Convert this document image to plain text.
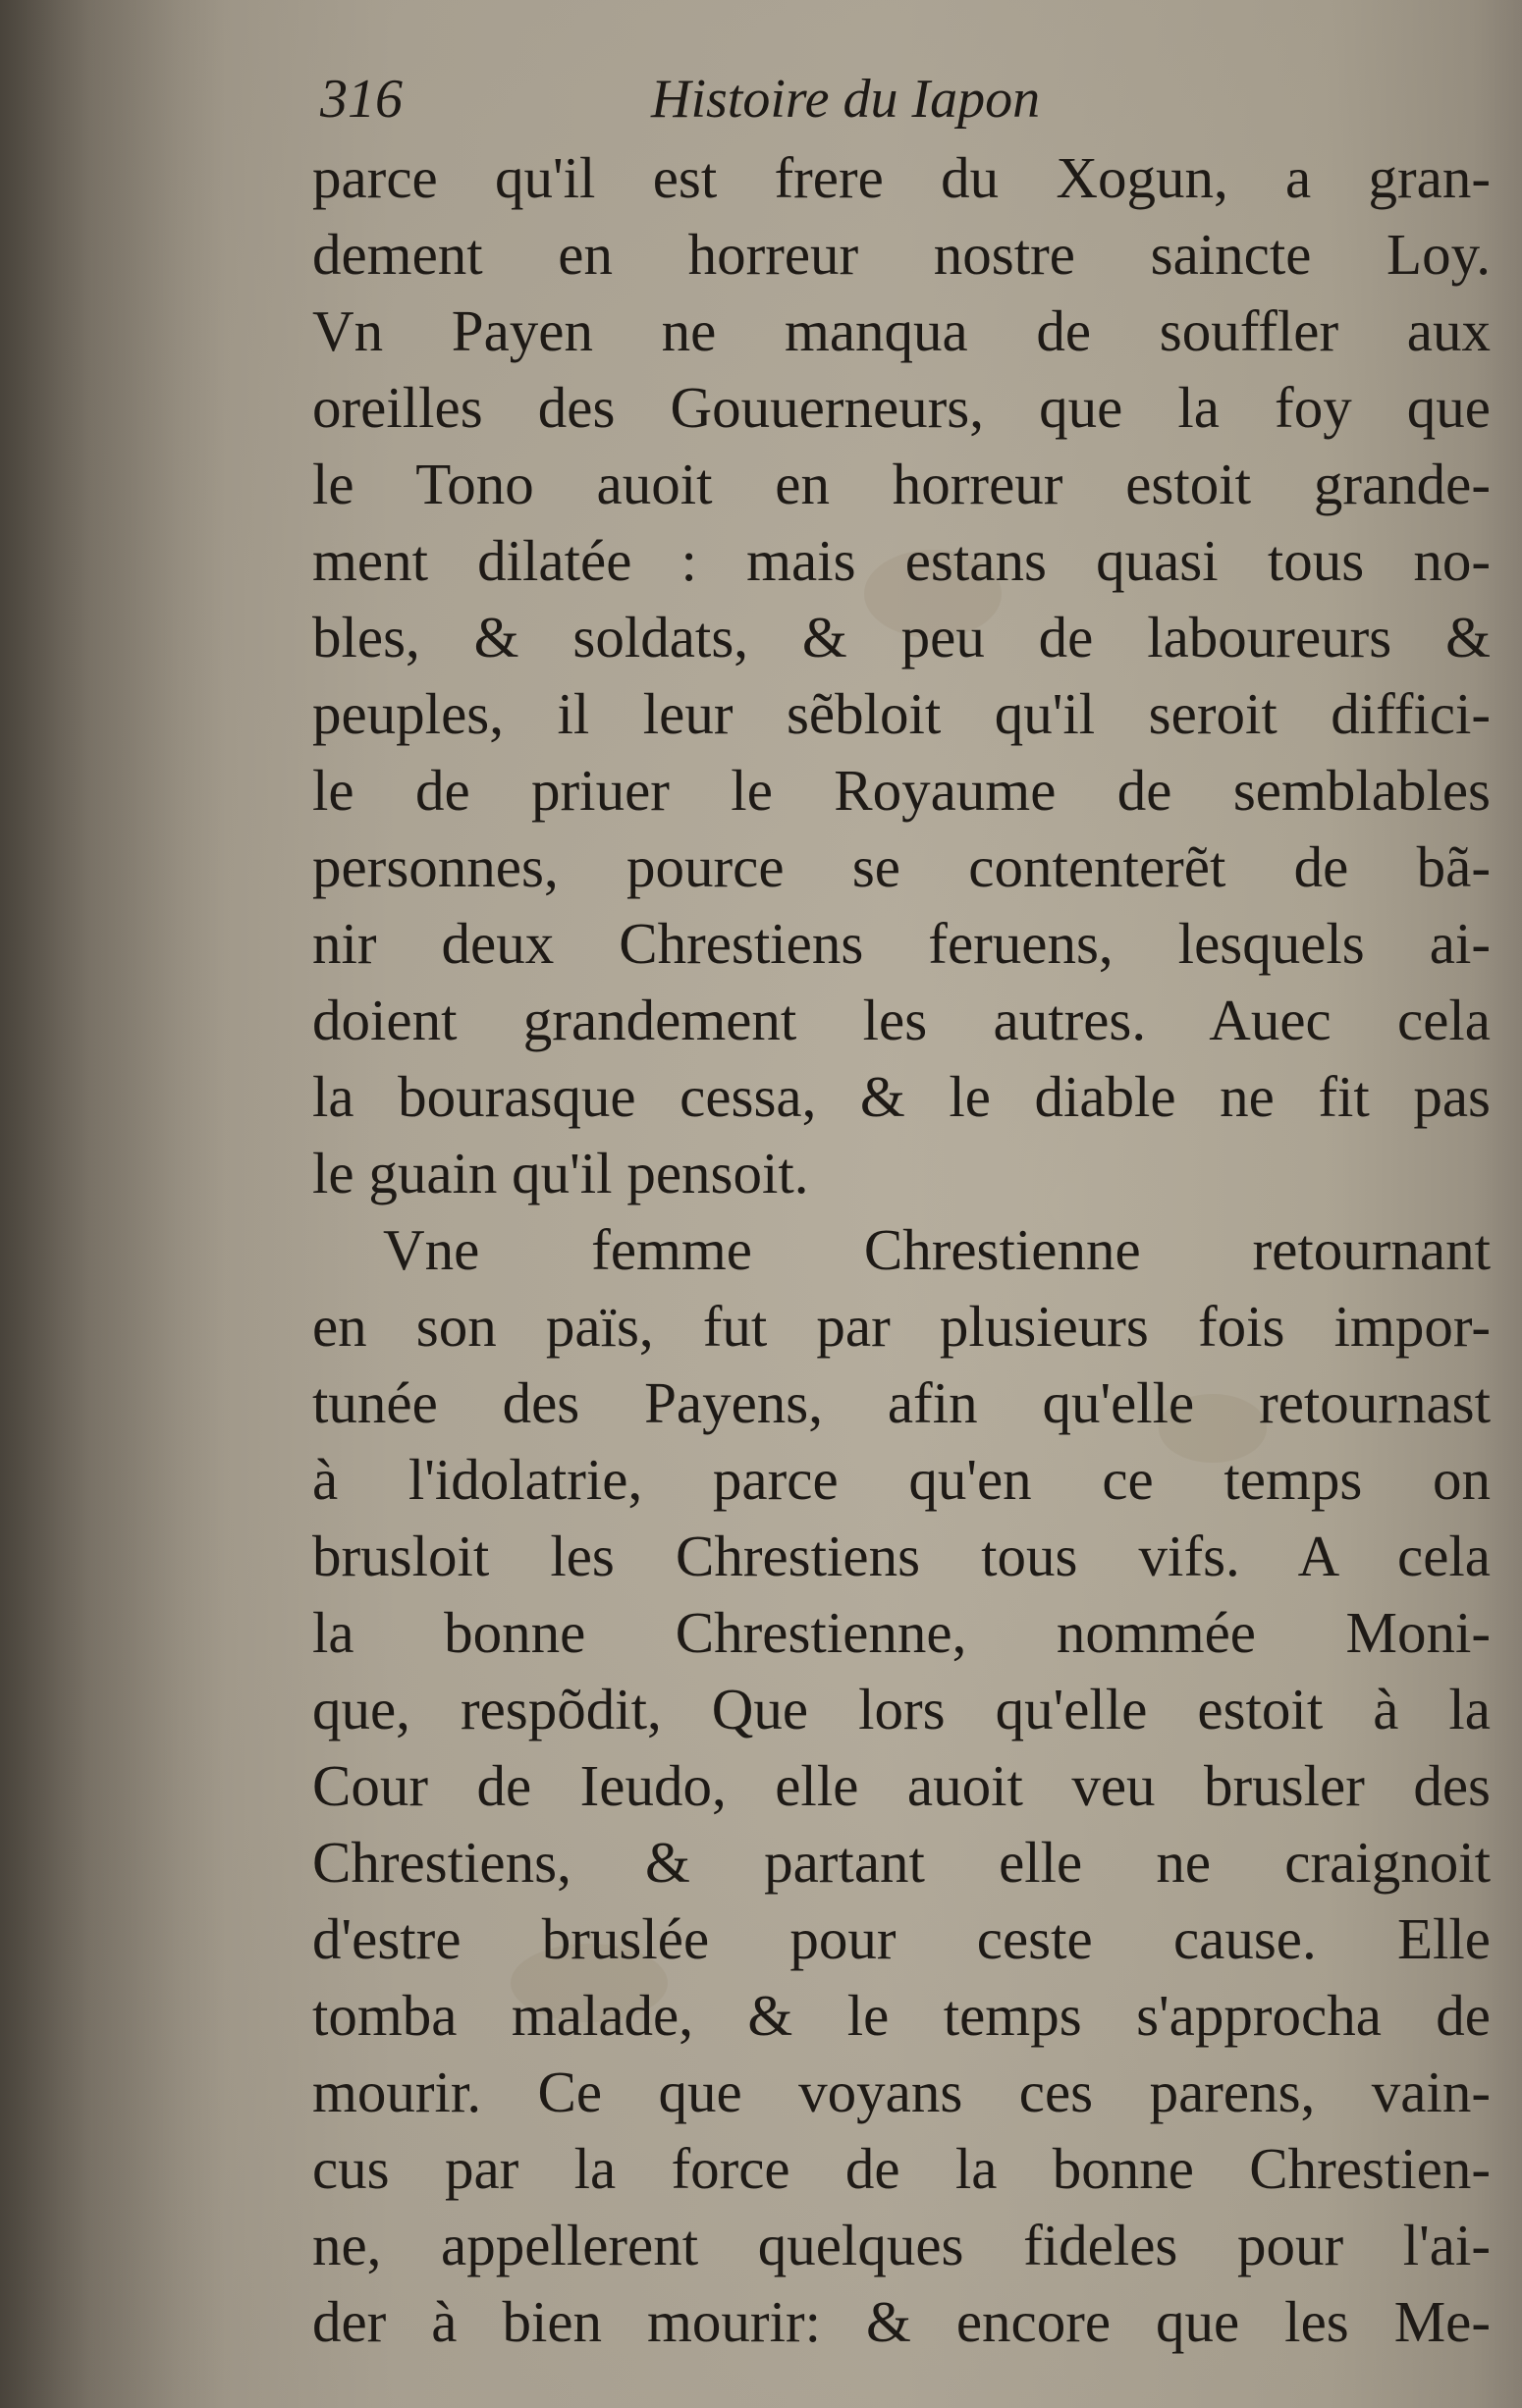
316	Histoire du Iapon
parce qu'il est frere du Xogun, a gran-
dement en horreur nostre saincte Loy.
Vn Payen ne manqua de souffler aux
oreilles des Gouuerneurs, que la foy que
le Tono auoit en horreur estoit grande-
ment dilatée : mais estans quasi tous no-
bles, & soldats, & peu de laboureurs &
peuples, il leur sẽbloit qu'il seroit diffici-
le de priuer le Royaume de semblables
personnes, pource se contenterẽt de bã-
nir deux Chrestiens feruens, lesquels ai-
doient grandement les autres. Auec cela
la bourasque cessa, & le diable ne fit pas
le guain qu'il pensoit.
Vne femme Chrestienne retournant
en son païs, fut par plusieurs fois impor-
tunée des Payens, afin qu'elle retournast
à l'idolatrie, parce qu'en ce temps on
brusloit les Chrestiens tous vifs. A cela
la bonne Chrestienne, nommée Moni-
que, respõdit, Que lors qu'elle estoit à la
Cour de Ieudo, elle auoit veu brusler des
Chrestiens, & partant elle ne craignoit
d'estre bruslée pour ceste cause. Elle
tomba malade, & le temps s'approcha de
mourir. Ce que voyans ces parens, vain-
cus par la force de la bonne Chrestien-
ne, appellerent quelques fideles pour l'ai-
der à bien mourir: & encore que les Me-
